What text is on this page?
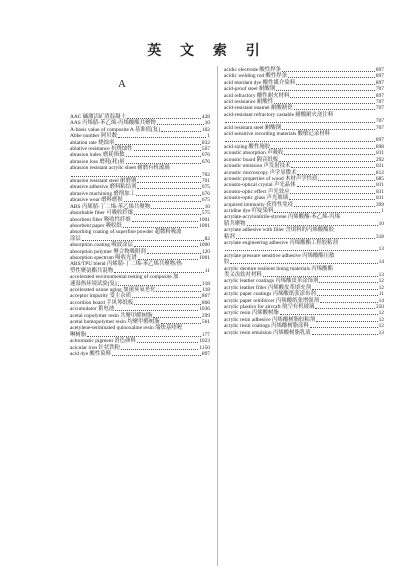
英 文 索 引
A
AAC 碱激活矿渣混凝土	428
AAS 丙烯腈-苯乙烯-丙烯酸酯共聚物	10
A-basis value of composite A 基准值[复]	102
Abbe number 阿贝数	1
ablation rate 烧蚀率	832
ablative resistance 抗烧蚀性	567
abrasion index 磨耗指数	676
abrasion loss 磨耗(耗)量	676
abrasion resistant acrylic sheet 耐磨有机玻璃
702
abrasion resistant steel 耐磨钢	701
abrasive adhesive 磨料粘结剂	675
abrasive machining 磨削加工	676
abrasive wear 磨料磨损	675
ABS 丙烯腈-丁二烯-苯乙烯共聚物	10
absorbable fiber 可吸收纤维	575
absorbent fiber 吸收性纤维	1001
absorbent paper 吸收纸	1001
absorbing coating of superfine powder 超微粉吸波
涂层	82
absorption coating 吸波涂层	1000
absorption polymer 聚合物吸附剂	120
absorption spectrum 吸收光谱	1001
ABS/TPU blend 丙烯腈-丁二烯-苯乙烯共聚物/热
塑性聚氨酯共混物	11
accelerated environmental testing of composite 加
速湿热环境试验[复]	118
accelerated ozone aging 加速臭氧老化	118
acceptor impurity 受主杂质	867
accordion board 手风琴纸板	866
accumulator 蓄电池	1036
acetal copolymer resin 共聚甲醛树脂	299
acetal homopolymer resin 均聚甲醛树脂	561
acetylene-terminated quinoxaline resin 端炔基喹喔
啉树脂	177
achromatic pigment 消色颜料	1023
acicular iron 针状铁粉	1150
acid dye 酸性染料	897
acidic electrode 酸性焊条	897
acidic welding rod 酸性焊条	897
acid mordant dye 酸性媒介染料	897
acid-proof steel 耐酸钢	707
acid refractory 酸性耐火材料	897
acid resistance 耐酸性	707
acid-resistant enamel 耐酸搪瓷	707
acid-resistant refractory castable 耐酸耐火浇注料
707
acid resistant steel 耐酸钢	707
acid sensitive recording materials 酸敏记录材料
897
acid sizing 酸性施胶	898
acoustic absorption 声吸收	811
acoustic board 隔音纸板	292
acoustic emission 声发射技术	811
acoustic microscopy 声学显微术	812
acoustic properties of wood 木材声学性质	685
acousto-optical crystal 声光晶体	811
acousto-optic effect 声光效应	811
acousto-optic glass 声光玻璃	811
acquired immunity 获得性免疫	399
acridine dye 吖啶染料	1
acrylate-acrylonitrile-styrene 丙烯酸酯-苯乙烯-丙烯
腈共聚物	10
acrylate adhesive with filler 含填料的丙烯酸酯胶
粘剂	318
acrylate engineering adhesive 丙烯酸酯工程胶粘剂
13
acrylate pressure sensitive adhesive 丙烯酸酯压敏
胶	14
acrylic denture resilient lining materials 丙烯酸酯
类义齿软衬材料	13
acrylic leather coatings 丙烯酸皮革涂饰剂	12
acrylic leather filler 丙烯酸皮革填充剂	12
acrylic paper coatings 丙烯酸纸张涂布剂	11
acrylic paper reinforcer 丙烯酸纸张增强剂	14
acrylic plastics for aircraft 航空有机玻璃	350
acrylic resin 丙烯酸树脂	12
acrylic resin adhesive 丙烯酸树脂胶粘剂	12
acrylic resin coatings 丙烯酸树脂涂料	12
acrylic resin emulsion 丙烯酸树脂乳液	13
